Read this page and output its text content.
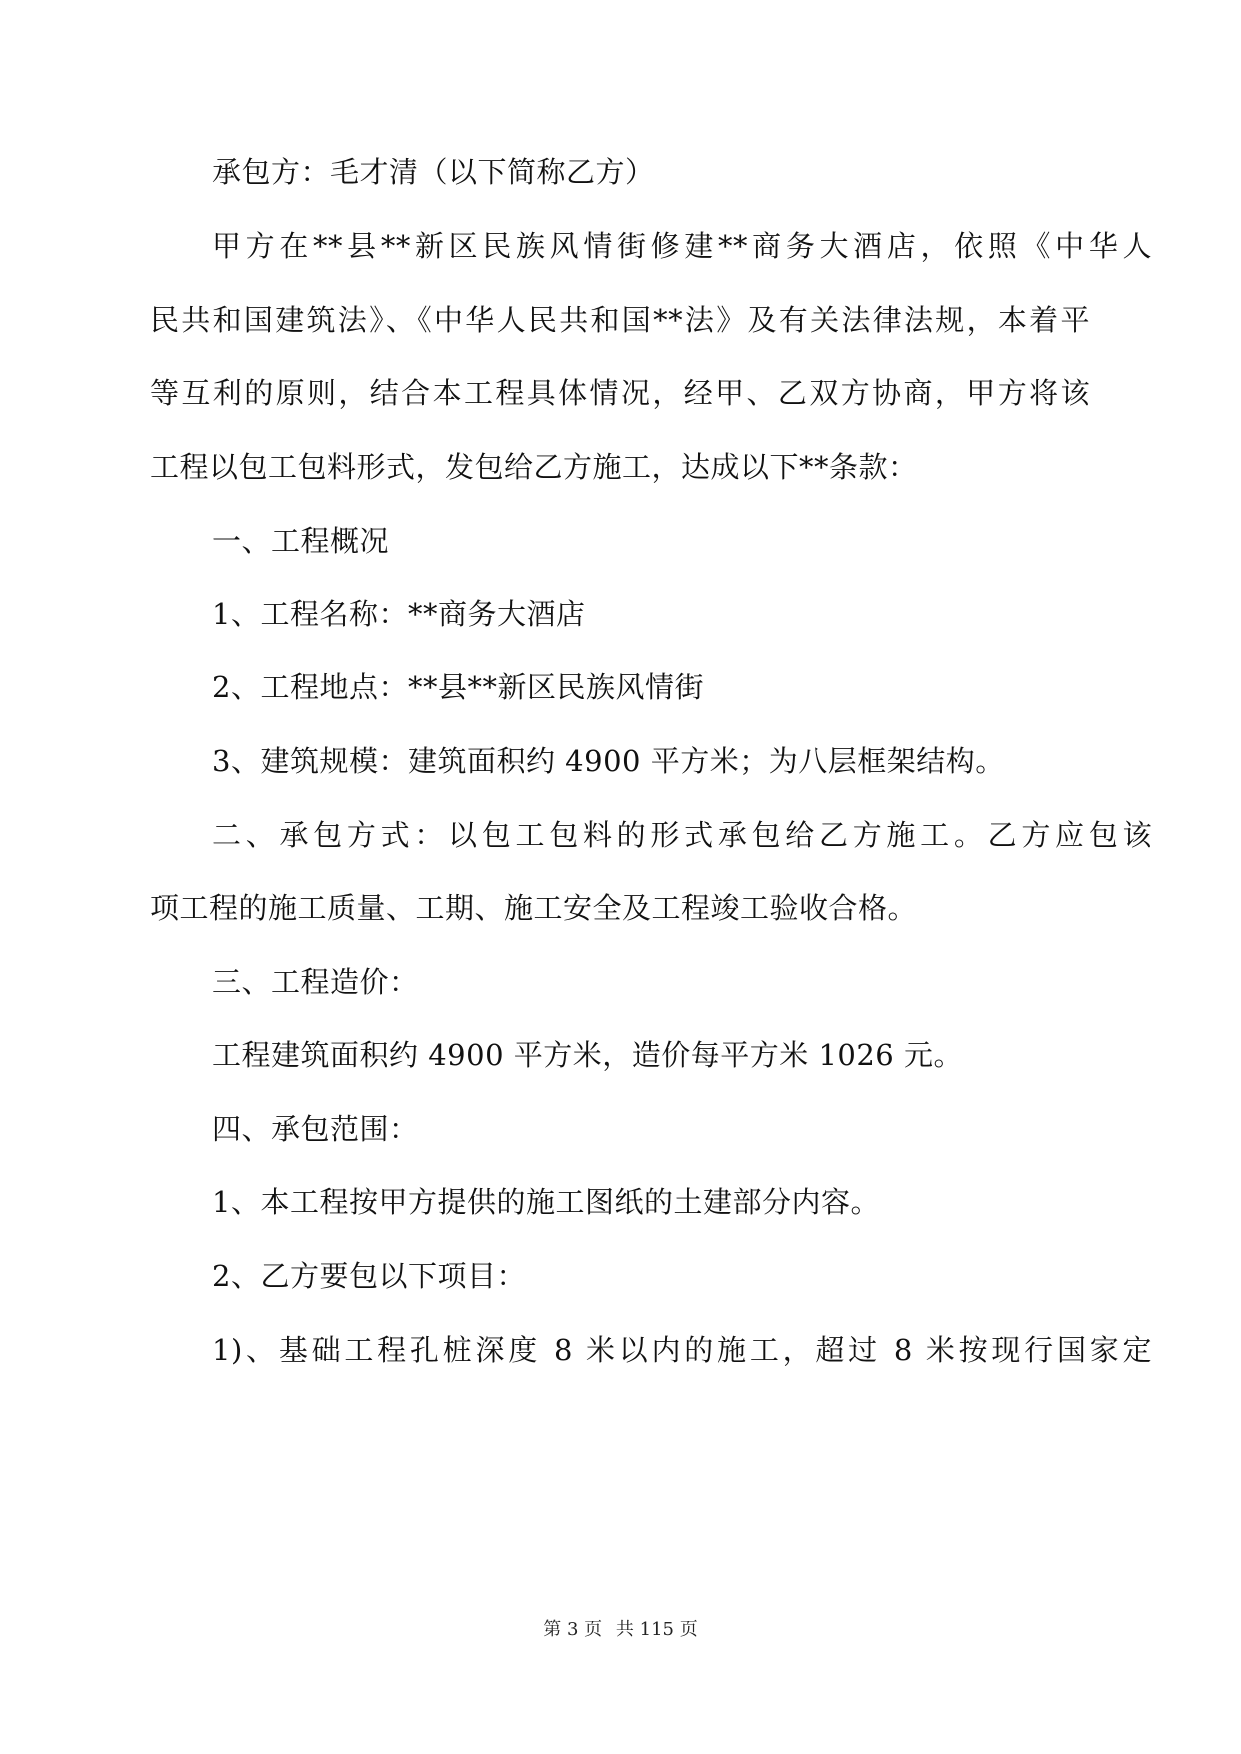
承包方：毛才清（以下简称乙方）
甲方在**县**新区民族风情街修建**商务大酒店，依照《中华人
民共和国建筑法》、《中华人民共和国**法》及有关法律法规，本着平
等互利的原则，结合本工程具体情况，经甲、乙双方协商，甲方将该
工程以包工包料形式，发包给乙方施工，达成以下**条款：
一、工程概况
1、工程名称：**商务大酒店
2、工程地点：**县**新区民族风情街
3、建筑规模：建筑面积约 4900 平方米；为八层框架结构。
二、承包方式：以包工包料的形式承包给乙方施工。乙方应包该
项工程的施工质量、工期、施工安全及工程竣工验收合格。
三、工程造价：
工程建筑面积约 4900 平方米，造价每平方米 1026 元。
四、承包范围：
1、本工程按甲方提供的施工图纸的土建部分内容。
2、乙方要包以下项目：
1)、基础工程孔桩深度 8 米以内的施工，超过 8 米按现行国家定
第 3 页 共 115 页
